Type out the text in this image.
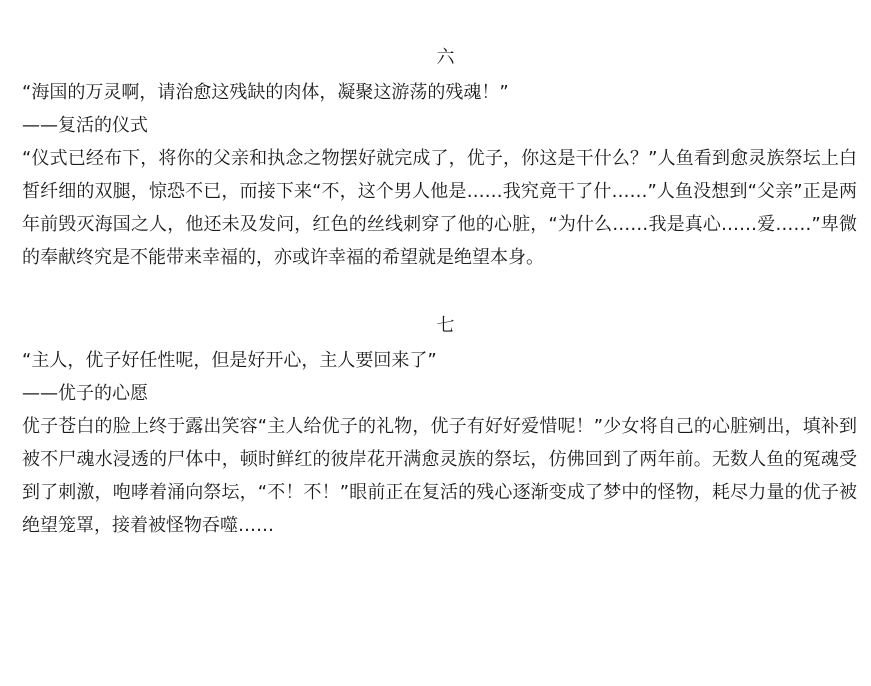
六

“海国的万灵啊，请治愈这残缺的肉体，凝聚这游荡的残魂！”

——复活的仪式

“仪式已经布下，将你的父亲和执念之物摆好就完成了，优子，你这是干什么？”人鱼看到愈灵族祭坛上白皙纤细的双腿，惊恐不已，而接下来“不，这个男人他是……我究竟干了什……”人鱼没想到“父亲”正是两年前毁灭海国之人，他还未及发问，红色的丝线刺穿了他的心脏，“为什么……我是真心……爱……”卑微的奉献终究是不能带来幸福的，亦或许幸福的希望就是绝望本身。

七

“主人，优子好任性呢，但是好开心，主人要回来了”

——优子的心愿

优子苍白的脸上终于露出笑容“主人给优子的礼物，优子有好好爱惜呢！”少女将自己的心脏剜出，填补到被不尸魂水浸透的尸体中，顿时鲜红的彼岸花开满愈灵族的祭坛，仿佛回到了两年前。无数人鱼的冤魂受到了刺激，咆哮着涌向祭坛，“不！不！”眼前正在复活的残心逐渐变成了梦中的怪物，耗尽力量的优子被绝望笼罩，接着被怪物吞噬……
